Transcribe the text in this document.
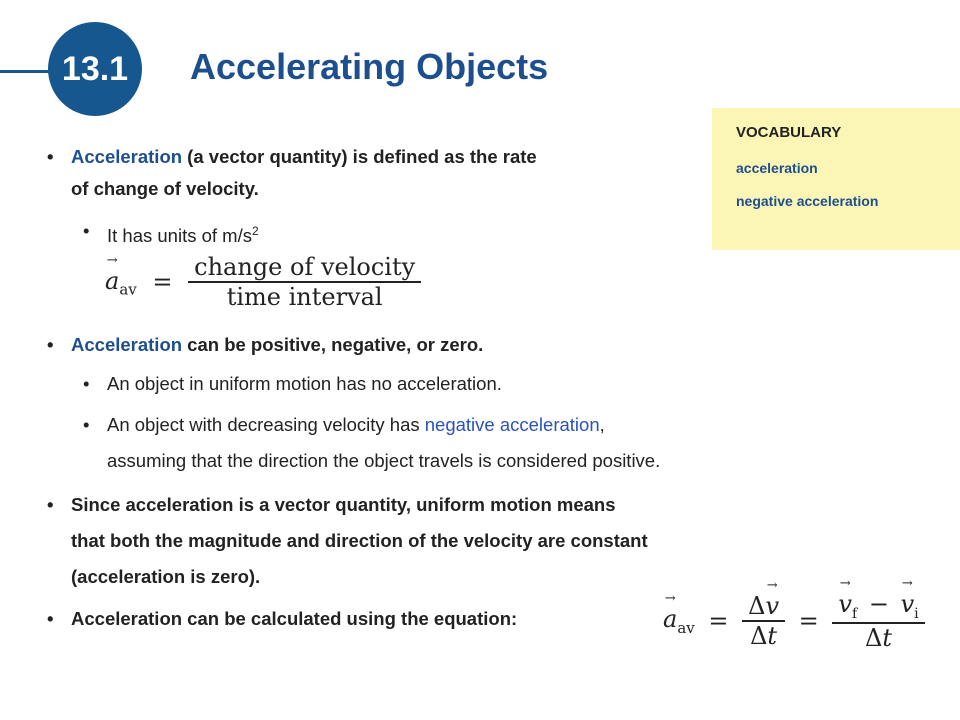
13.1	Accelerating Objects
VOCABULARY
acceleration
negative acceleration
• Acceleration (a vector quantity) is defined as the rate
of change of velocity.
• It has units of $m/s^2$
→ $a_{av} = \frac{\text{change of velocity}}{\text{time interval}}$
• Acceleration can be positive, negative, or zero.
• An object in uniform motion has no acceleration.
• An object with decreasing velocity has negative acceleration,
assuming that the direction the object travels is considered positive.
• Since acceleration is a vector quantity, uniform motion means
that both the magnitude and direction of the velocity are constant
(acceleration is zero).
• Acceleration can be calculated using the equation:	→ $a_{av} = \frac{\Delta\to v}{\Delta t}$ = → $\frac{v_f - \to v_i}{\Delta t}$
